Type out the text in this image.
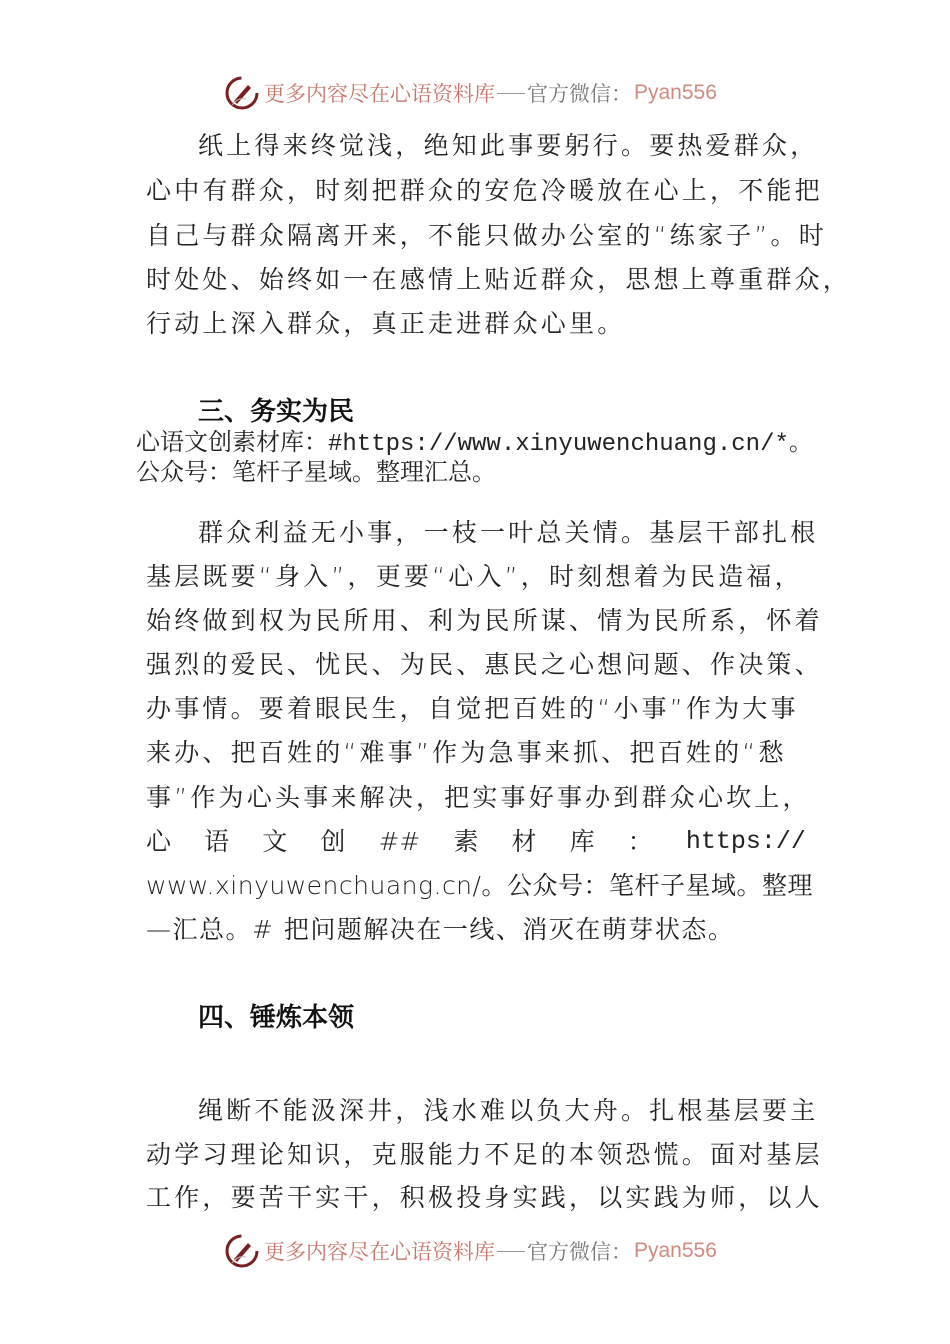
更多内容尽在心语资料库 官方微信： Pyan556
纸上得来终觉浅，绝知此事要躬行。要热爱群众，
心中有群众，时刻把群众的安危冷暖放在心上，不能把
自己与群众隔离开来，不能只做办公室的“练家子”。时
时处处、始终如一在感情上贴近群众，思想上尊重群众，
行动上深入群众，真正走进群众心里。
三、务实为民
心语文创素材库：#https://www.xinyuwenchuang.cn/*。
公众号：笔杆子星域。整理汇总。
群众利益无小事，一枝一叶总关情。基层干部扎根
基层既要“身入”，更要“心入”，时刻想着为民造福，
始终做到权为民所用、利为民所谋、情为民所系，怀着
强烈的爱民、忧民、为民、惠民之心想问题、作决策、
办事情。要着眼民生，自觉把百姓的“小事”作为大事
来办、把百姓的“难事”作为急事来抓、把百姓的“愁
事”作为心头事来解决，把实事好事办到群众心坎上，
心 语 文 创 ## 素 材 库 ： https://
www.xinyuwenchuang.cn/。公众号：笔杆子星域。整理
—汇总。# 把问题解决在一线、消灭在萌芽状态。
四、锤炼本领
绳断不能汲深井，浅水难以负大舟。扎根基层要主
动学习理论知识，克服能力不足的本领恐慌。面对基层
工作，要苦干实干，积极投身实践，以实践为师，以人
更多内容尽在心语资料库 官方微信： Pyan556
